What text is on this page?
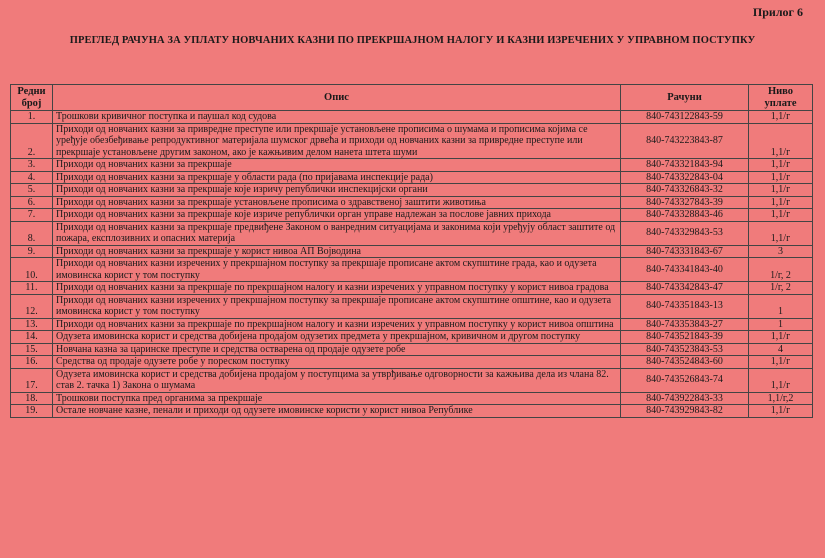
Прилог 6
ПРЕГЛЕД РАЧУНА ЗА УПЛАТУ НОВЧАНИХ КАЗНИ ПО ПРЕКРШАЈНОМ НАЛОГУ И КАЗНИ ИЗРЕЧЕНИХ У УПРАВНОМ ПОСТУПКУ
Редни број	Опис	Рачуни	Ниво уплате
1.	Трошкови кривичног поступка и паушал код судова	840-743122843-59	1,1/г
2.	Приходи од новчаних казни за привредне преступе или прекршаје установљене прописима о шумама и прописима којима се уређује обезбеђивање репродуктивног материјала шумског дрвећа и приходи од новчаних казни за привредне преступе или прекршаје установљене другим законом, ако је кажњивим делом нанета штета шуми	840-743223843-87	1,1/г
3.	Приходи од новчаних казни за прекршаје	840-743321843-94	1,1/г
4.	Приходи од новчаних казни за прекршаје у области рада (по пријавама инспекције рада)	840-743322843-04	1,1/г
5.	Приходи од новчаних казни за прекршаје које изричу републички инспекцијски органи	840-743326843-32	1,1/г
6.	Приходи од новчаних казни за прекршаје установљене прописима о здравственој заштити животиња	840-743327843-39	1,1/г
7.	Приходи од новчаних казни за прекршаје које изриче републички орган управе надлежан за послове јавних прихода	840-743328843-46	1,1/г
8.	Приходи од новчаних казни за прекршаје предвиђене Законом о ванредним ситуацијама и законима који уређују област заштите од пожара, експлозивних и опасних материја	840-743329843-53	1,1/г
9.	Приходи од новчаних казни за прекршаје у корист нивоа АП Војводина	840-743331843-67	3
10.	Приходи од новчаних казни изречених у прекршајном поступку за прекршаје прописане актом скупштине града, као и одузета имовинска корист у том поступку	840-743341843-40	1/г, 2
11.	Приходи од новчаних казни за прекршаје по прекршајном налогу и казни изречених у управном поступку у корист нивоа градова	840-743342843-47	1/г, 2
12.	Приходи од новчаних казни изречених у прекршајном поступку за прекршаје прописане актом скупштине општине, као и одузета имовинска корист у том поступку	840-743351843-13	1
13.	Приходи од новчаних казни за прекршаје по прекршајном налогу и казни изречених у управном поступку у корист нивоа општина	840-743353843-27	1
14.	Одузета имовинска корист и средства добијена продајом одузетих предмета у прекршајном, кривичном и другом поступку	840-743521843-39	1,1/г
15.	Новчана казна за царинске преступе и средства остварена од продаје одузете робе	840-743523843-53	4
16.	Средства од продаје одузете робе у пореском поступку	840-743524843-60	1,1/г
17.	Одузета имовинска корист и средства добијена продајом у поступцима за утврђивање одговорности за кажњива дела из члана 82. став 2. тачка 1) Закона о шумама	840-743526843-74	1,1/г
18.	Трошкови поступка пред органима за прекршаје	840-743922843-33	1,1/г,2
19.	Остале новчане казне, пенали и приходи од одузете имовинске користи у корист нивоа Републике	840-743929843-82	1,1/г
